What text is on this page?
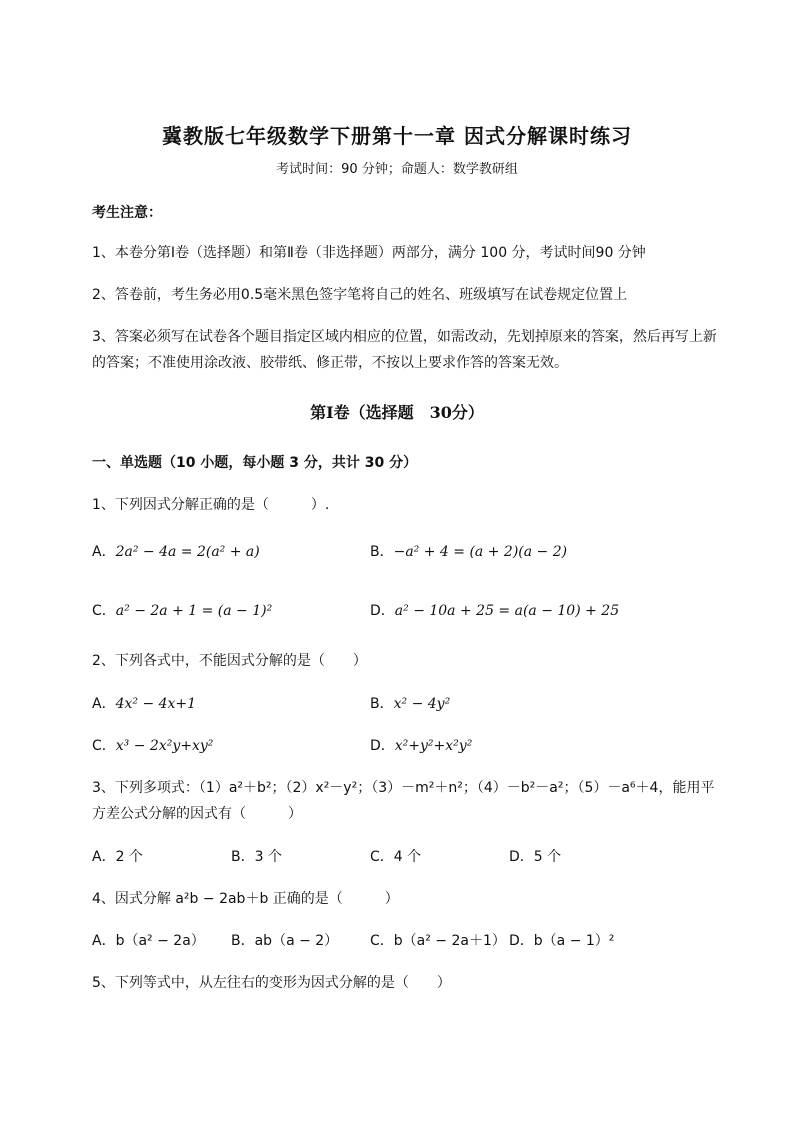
冀教版七年级数学下册第十一章 因式分解课时练习
考试时间：90 分钟；命题人：数学教研组
考生注意：
1、本卷分第Ⅰ卷（选择题）和第Ⅱ卷（非选择题）两部分，满分 100 分，考试时间90 分钟
2、答卷前，考生务必用0.5毫米黑色签字笔将自己的姓名、班级填写在试卷规定位置上
3、答案必须写在试卷各个题目指定区域内相应的位置，如需改动，先划掉原来的答案，然后再写上新
的答案；不准使用涂改液、胶带纸、修正带，不按以上要求作答的答案无效。
第Ⅰ卷（选择题　30分）
一、单选题（10 小题，每小题 3 分，共计 30 分）
1、下列因式分解正确的是（　　　）.
A．2a² − 4a = 2(a² + a)	B．−a² + 4 = (a + 2)(a − 2)
C．a² − 2a + 1 = (a − 1)²	D．a² − 10a + 25 = a(a − 10) + 25
2、下列各式中，不能因式分解的是（　　）
A．4x² − 4x+1	B．x² − 4y²
C．x³ − 2x²y+xy²	D．x²+y²+x²y²
3、下列多项式：（1）a²＋b²；（2）x²－y²；（3）－m²＋n²；（4）－b²－a²；（5）－a⁶＋4，能用平
方差公式分解的因式有（　　　）
A．2 个	B．3 个	C．4 个	D．5 个
4、因式分解 a²b − 2ab＋b 正确的是（　　　）
A．b（a² − 2a） B．ab（a − 2） C．b（a² − 2a＋1） D．b（a − 1）²
5、下列等式中，从左往右的变形为因式分解的是（　　）
